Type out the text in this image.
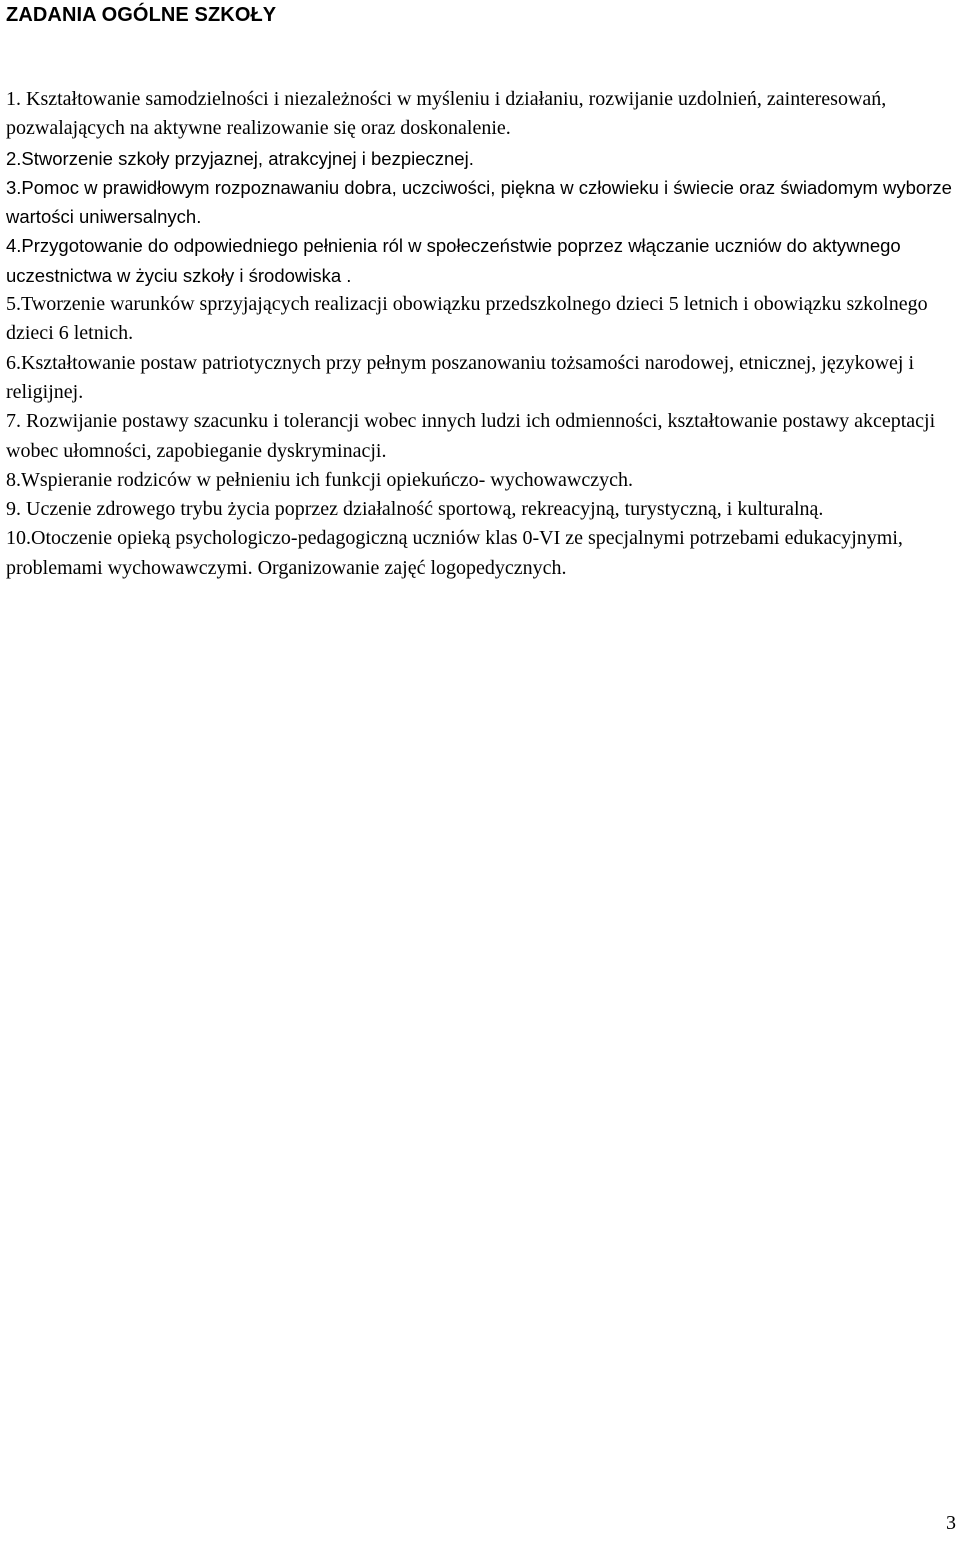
ZADANIA OGÓLNE SZKOŁY
1. Kształtowanie samodzielności i niezależności w myśleniu i działaniu, rozwijanie uzdolnień, zainteresowań, pozwalających na aktywne realizowanie się oraz doskonalenie.
2.Stworzenie szkoły przyjaznej, atrakcyjnej i bezpiecznej.
3.Pomoc w prawidłowym rozpoznawaniu dobra, uczciwości, piękna w człowieku i świecie oraz świadomym wyborze wartości uniwersalnych.
4.Przygotowanie do odpowiedniego pełnienia ról w społeczeństwie poprzez włączanie uczniów do aktywnego uczestnictwa w życiu szkoły i środowiska .
5.Tworzenie warunków sprzyjających realizacji obowiązku przedszkolnego dzieci 5 letnich i obowiązku szkolnego dzieci 6 letnich.
6.Kształtowanie postaw patriotycznych przy pełnym poszanowaniu tożsamości narodowej, etnicznej, językowej i religijnej.
7. Rozwijanie postawy szacunku i tolerancji wobec innych ludzi ich odmienności, kształtowanie postawy akceptacji wobec ułomności, zapobieganie dyskryminacji.
8.Wspieranie rodziców w pełnieniu ich funkcji opiekuńczo- wychowawczych.
9. Uczenie zdrowego trybu życia poprzez działalność sportową, rekreacyjną, turystyczną, i kulturalną.
10.Otoczenie opieką psychologiczo-pedagogiczną uczniów klas 0-VI ze specjalnymi potrzebami edukacyjnymi, problemami wychowawczymi. Organizowanie zajęć logopedycznych.
3
